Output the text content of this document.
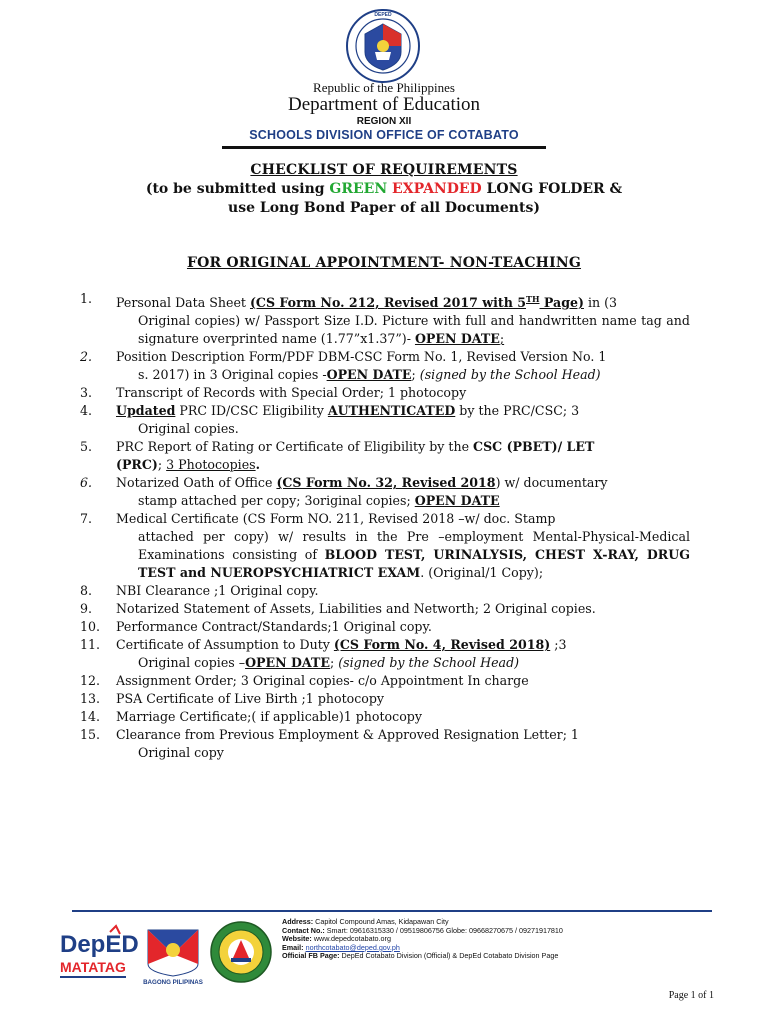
DEPED
Republic of the Philippines
Department of Education
REGION XII
SCHOOLS DIVISION OFFICE OF COTABATO
CHECKLIST OF REQUIREMENTS
(to be submitted using GREEN EXPANDED LONG FOLDER &
use Long Bond Paper of all Documents)
FOR ORIGINAL APPOINTMENT- NON-TEACHING
1.	Personal Data Sheet (CS Form No. 212, Revised 2017 with 5TH Page) in (3
Original copies) w/ Passport Size I.D. Picture with full and handwritten name tag and signature overprinted name (1.77”x1.37”)- OPEN DATE;
2.	Position Description Form/PDF DBM-CSC Form No. 1, Revised Version No. 1
s. 2017) in 3 Original copies -OPEN DATE; (signed by the School Head)
3.	Transcript of Records with Special Order; 1 photocopy
4.	Updated PRC ID/CSC Eligibility AUTHENTICATED by the PRC/CSC; 3
Original copies.
5.	PRC Report of Rating or Certificate of Eligibility by the CSC (PBET)/ LET
(PRC); 3 Photocopies.
6.	Notarized Oath of Office (CS Form No. 32, Revised 2018) w/ documentary
stamp attached per copy; 3original copies; OPEN DATE
7.	Medical Certificate (CS Form NO. 211, Revised 2018 –w/ doc. Stamp
attached per copy) w/ results in the Pre –employment Mental-Physical-Medical Examinations consisting of BLOOD TEST, URINALYSIS, CHEST X-RAY, DRUG TEST and NUEROPSYCHIATRICT EXAM. (Original/1 Copy);
8.	NBI Clearance ;1 Original copy.
9.	Notarized Statement of Assets, Liabilities and Networth; 2 Original copies.
10.	Performance Contract/Standards;1 Original copy.
11.	Certificate of Assumption to Duty (CS Form No. 4, Revised 2018) ;3
Original copies –OPEN DATE; (signed by the School Head)
12.	Assignment Order; 3 Original copies- c/o Appointment In charge
13.	PSA Certificate of Live Birth ;1 photocopy
14.	Marriage Certificate;( if applicable)1 photocopy
15.	Clearance from Previous Employment & Approved Resignation Letter; 1
Original copy
DepED
MATATAG
BAGONG PILIPINAS
Address: Capitol Compound Amas, Kidapawan City
Contact No.: Smart: 09616315330 / 09519806756 Globe: 09668270675 / 09271917810
Website: www.depedcotabato.org
Email: northcotabato@deped.gov.ph
Official FB Page: DepEd Cotabato Division (Official) & DepEd Cotabato Division Page
Page 1 of 1
